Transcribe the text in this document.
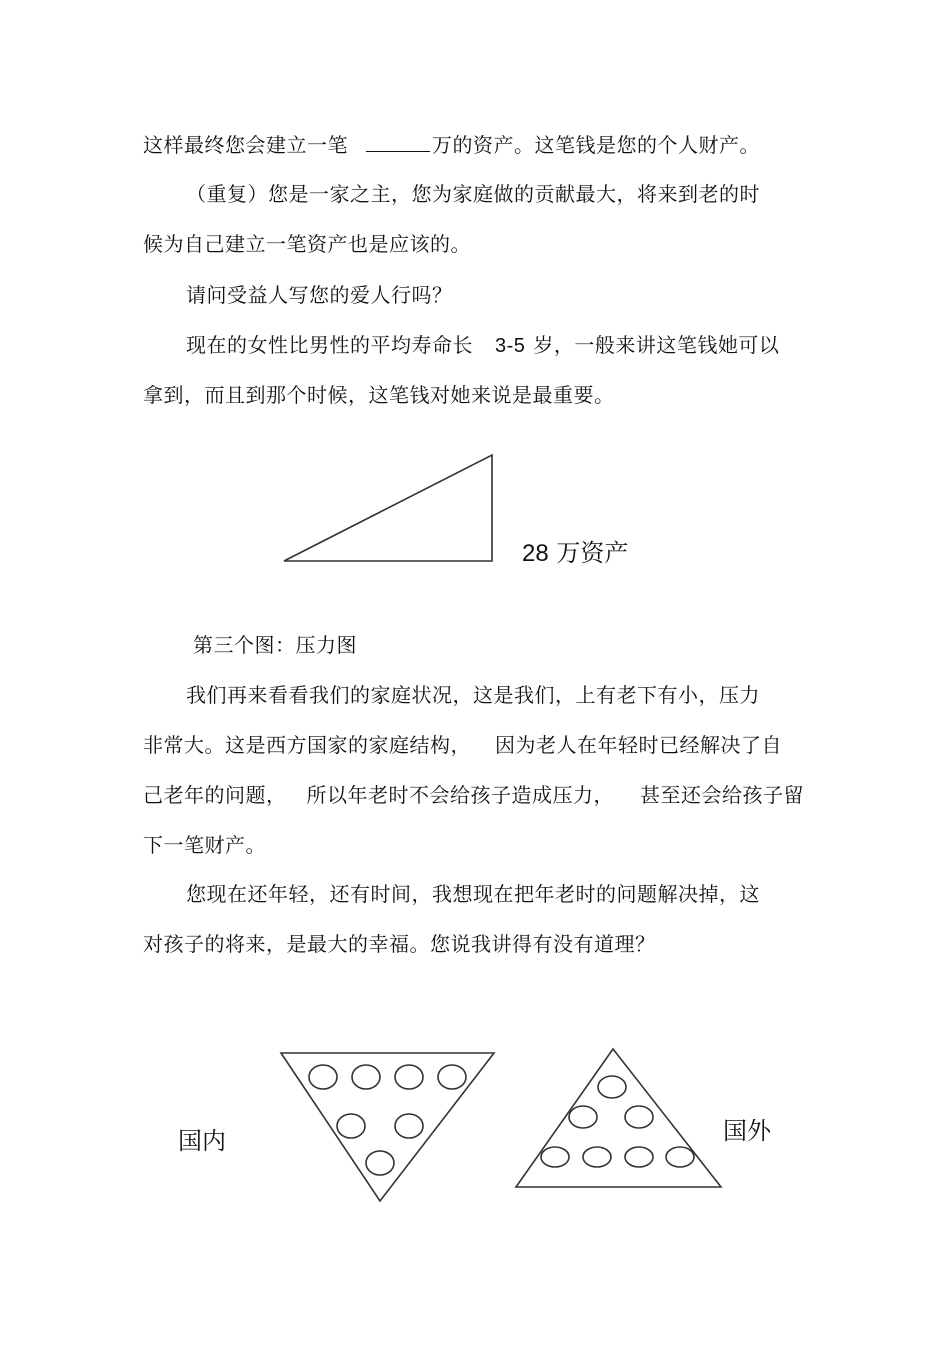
这样最终您会建立一笔	万的资产。这笔钱是您的个人财产。
（重复）您是一家之主，您为家庭做的贡献最大，将来到老的时
候为自己建立一笔资产也是应该的。
请问受益人写您的爱人行吗？
现在的女性比男性的平均寿命长 3-5 岁，一般来讲这笔钱她可以
拿到，而且到那个时候，这笔钱对她来说是最重要。
28 万资产
第三个图：压力图
我们再来看看我们的家庭状况，这是我们，上有老下有小，压力
非常大。这是西方国家的家庭结构， 因为老人在年轻时已经解决了自
己老年的问题， 所以年老时不会给孩子造成压力， 甚至还会给孩子留
下一笔财产。
您现在还年轻，还有时间，我想现在把年老时的问题解决掉，这
对孩子的将来，是最大的幸福。您说我讲得有没有道理？
国内	国外
